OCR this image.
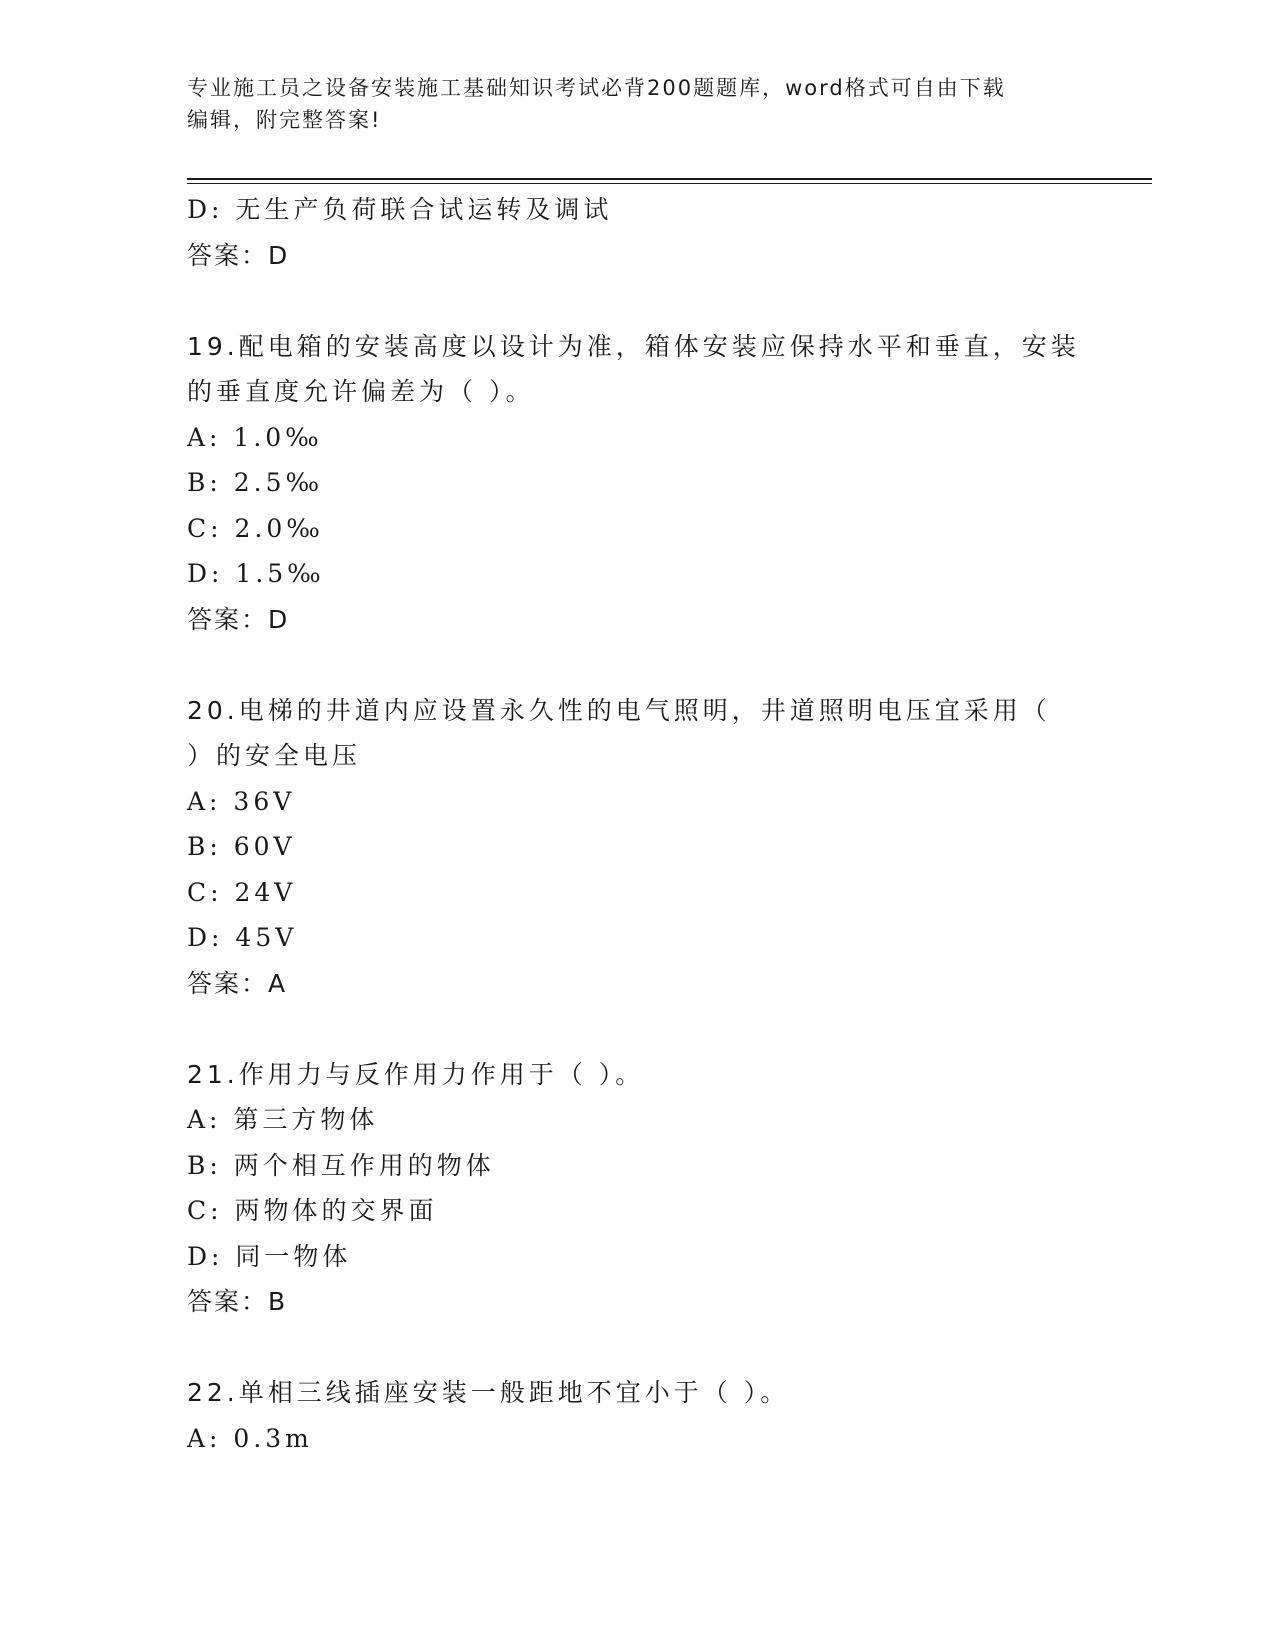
专业施工员之设备安装施工基础知识考试必背200题题库，word格式可自由下载
编辑，附完整答案!
D: 无生产负荷联合试运转及调试
答案：D
19.配电箱的安装高度以设计为准，箱体安装应保持水平和垂直，安装
的垂直度允许偏差为（ ）。
A: 1.0‰
B: 2.5‰
C: 2.0‰
D: 1.5‰
答案：D
20.电梯的井道内应设置永久性的电气照明，井道照明电压宜采用（
）的安全电压
A: 36V
B: 60V
C: 24V
D: 45V
答案：A
21.作用力与反作用力作用于（ ）。
A: 第三方物体
B: 两个相互作用的物体
C: 两物体的交界面
D: 同一物体
答案：B
22.单相三线插座安装一般距地不宜小于（ ）。
A: 0.3m
